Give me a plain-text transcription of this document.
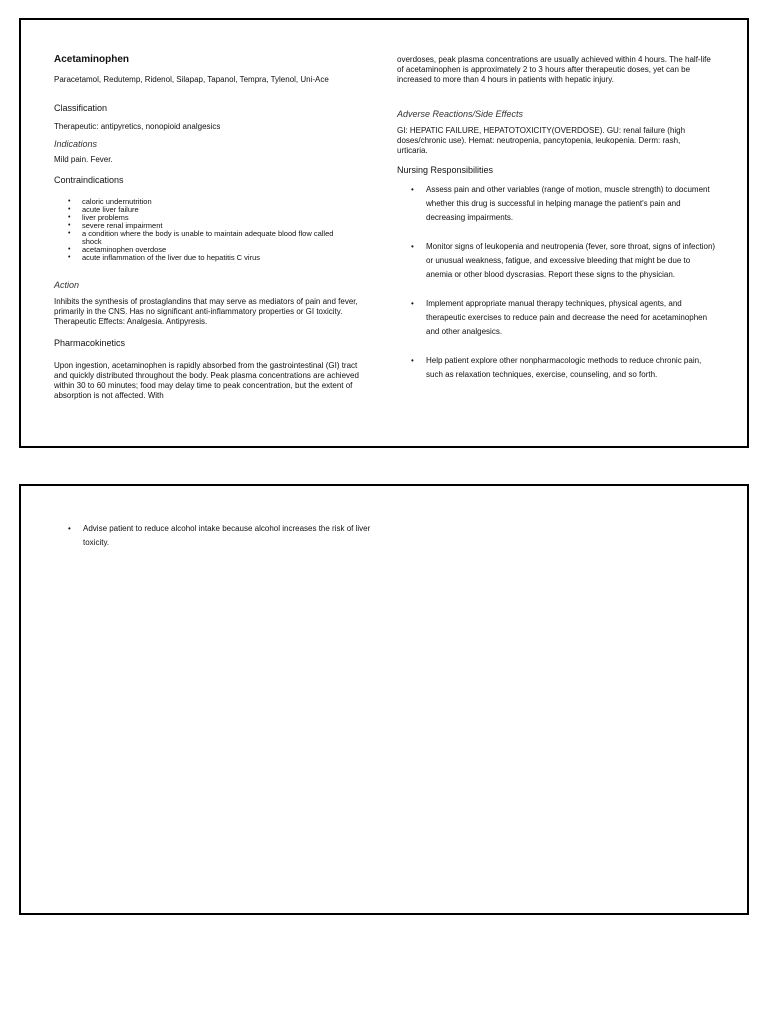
Acetaminophen
Paracetamol, Redutemp, Ridenol, Silapap, Tapanol, Tempra, Tylenol, Uni-Ace
Classification
Therapeutic: antipyretics, nonopioid analgesics
Indications
Mild pain. Fever.
Contraindications
• caloric undernutrition
• acute liver failure
• liver problems
• severe renal impairment
• a condition where the body is unable to maintain adequate blood flow called shock
• acetaminophen overdose
• acute inflammation of the liver due to hepatitis C virus
Action
Inhibits the synthesis of prostaglandins that may serve as mediators of pain and fever, primarily in the CNS. Has no significant anti-inflammatory properties or GI toxicity. Therapeutic Effects: Analgesia. Antipyresis.
Pharmacokinetics
Upon ingestion, acetaminophen is rapidly absorbed from the gastrointestinal (GI) tract and quickly distributed throughout the body. Peak plasma concentrations are achieved within 30 to 60 minutes; food may delay time to peak concentration, but the extent of absorption is not affected. With
overdoses, peak plasma concentrations are usually achieved within 4 hours. The half-life of acetaminophen is approximately 2 to 3 hours after therapeutic doses, yet can be increased to more than 4 hours in patients with hepatic injury.
Adverse Reactions/Side Effects
GI: HEPATIC FAILURE, HEPATOTOXICITY(OVERDOSE). GU: renal failure (high doses/chronic use). Hemat: neutropenia, pancytopenia, leukopenia. Derm: rash, urticaria.
Nursing Responsibilities
• Assess pain and other variables (range of motion, muscle strength) to document whether this drug is successful in helping manage the patient's pain and decreasing impairments.
• Monitor signs of leukopenia and neutropenia (fever, sore throat, signs of infection) or unusual weakness, fatigue, and excessive bleeding that might be due to anemia or other blood dyscrasias. Report these signs to the physician.
• Implement appropriate manual therapy techniques, physical agents, and therapeutic exercises to reduce pain and decrease the need for acetaminophen and other analgesics.
• Help patient explore other nonpharmacologic methods to reduce chronic pain, such as relaxation techniques, exercise, counseling, and so forth.
• Advise patient to reduce alcohol intake because alcohol increases the risk of liver toxicity.
